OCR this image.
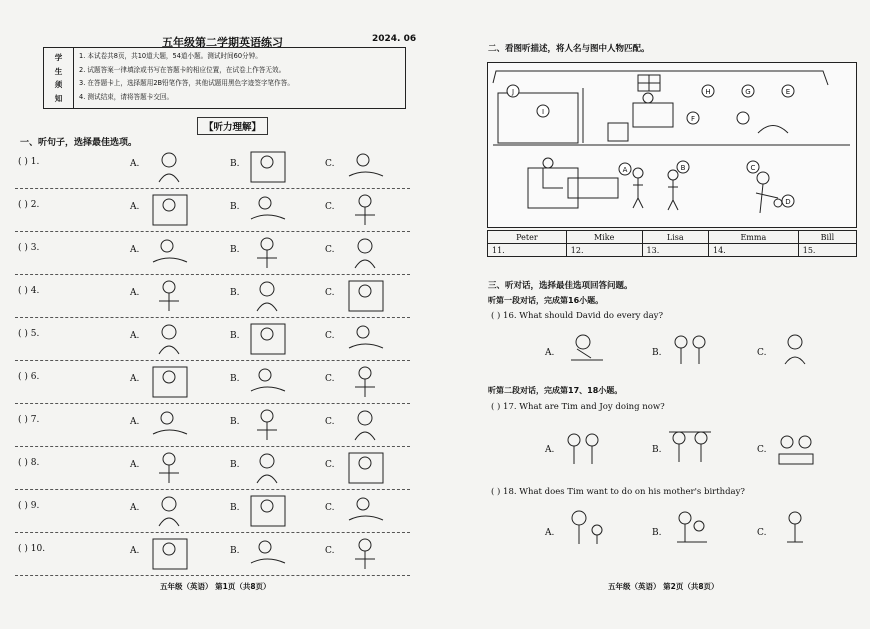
五年级第二学期英语练习	2024. 06
学
生
须
知
1. 本试卷共8页，共10道大题，54道小题。测试时间60分钟。
2. 试题答案一律填涂或书写在答题卡的相应位置，在试卷上作答无效。
3. 在答题卡上，选择题用2B铅笔作答，其他试题用黑色字迹签字笔作答。
4. 测试结束，请将答题卡交回。
【听力理解】
一、听句子，选择最佳选项。
( ) 1.	A.	B.	C.
( ) 2.	A.	B.	C.
( ) 3.	A.	B.	C.
( ) 4.	A.	B.	C.
( ) 5.	A.	B.	C.
( ) 6.	A.	B.	C.
( ) 7.	A.	B.	C.
( ) 8.	A.	B.	C.
( ) 9.	A.	B.	C.
( ) 10.	A.	B.	C.
五年级（英语） 第1页（共8页）
二、看图听描述，将人名与图中人物匹配。
J
I
H	G	E
F
A	B	C
D
Peter	Mike	Lisa	Emma	Bill
11.	12.	13.	14.	15.
三、听对话，选择最佳选项回答问题。
听第一段对话，完成第16小题。
( ) 16. What should David do every day?
A.	B.	C.
听第二段对话，完成第17、18小题。
( ) 17. What are Tim and Joy doing now?
A.	B.	C.
( ) 18. What does Tim want to do on his mother's birthday?
A.	B.	C.
五年级（英语） 第2页（共8页）
